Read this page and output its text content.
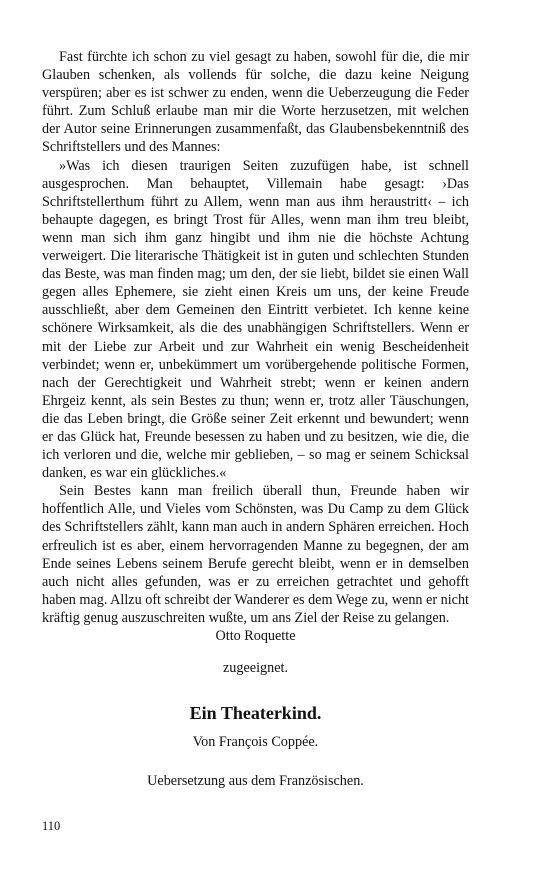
Fast fürchte ich schon zu viel gesagt zu haben, sowohl für die, die mir Glauben schenken, als vollends für solche, die dazu keine Neigung verspüren; aber es ist schwer zu enden, wenn die Ueberzeugung die Feder führt. Zum Schluß erlaube man mir die Worte herzusetzen, mit welchen der Autor seine Erinnerungen zusammenfaßt, das Glaubensbekenntniß des Schriftstellers und des Mannes:

»Was ich diesen traurigen Seiten zuzufügen habe, ist schnell ausgesprochen. Man behauptet, Villemain habe gesagt: ›Das Schriftstellerthum führt zu Allem, wenn man aus ihm heraustritt‹ – ich behaupte dagegen, es bringt Trost für Alles, wenn man ihm treu bleibt, wenn man sich ihm ganz hingibt und ihm nie die höchste Achtung verweigert. Die literarische Thätigkeit ist in guten und schlechten Stunden das Beste, was man finden mag; um den, der sie liebt, bildet sie einen Wall gegen alles Ephemere, sie zieht einen Kreis um uns, der keine Freude ausschließt, aber dem Gemeinen den Eintritt verbietet. Ich kenne keine schönere Wirksamkeit, als die des unabhängigen Schriftstellers. Wenn er mit der Liebe zur Arbeit und zur Wahrheit ein wenig Bescheidenheit verbindet; wenn er, unbekümmert um vorübergehende politische Formen, nach der Gerechtigkeit und Wahrheit strebt; wenn er keinen andern Ehrgeiz kennt, als sein Bestes zu thun; wenn er, trotz aller Täuschungen, die das Leben bringt, die Größe seiner Zeit erkennt und bewundert; wenn er das Glück hat, Freunde besessen zu haben und zu besitzen, wie die, die ich verloren und die, welche mir geblieben, – so mag er seinem Schicksal danken, es war ein glückliches.«

Sein Bestes kann man freilich überall thun, Freunde haben wir hoffentlich Alle, und Vieles vom Schönsten, was Du Camp zu dem Glück des Schriftstellers zählt, kann man auch in andern Sphären erreichen. Hoch erfreulich ist es aber, einem hervorragenden Manne zu begegnen, der am Ende seines Lebens seinem Berufe gerecht bleibt, wenn er in demselben auch nicht alles gefunden, was er zu erreichen getrachtet und gehofft haben mag. Allzu oft schreibt der Wanderer es dem Wege zu, wenn er nicht kräftig genug auszuschreiten wußte, um ans Ziel der Reise zu gelangen.

Otto Roquette

zugeeignet.

Ein Theaterkind.

Von François Coppée.

Uebersetzung aus dem Französischen.

110
